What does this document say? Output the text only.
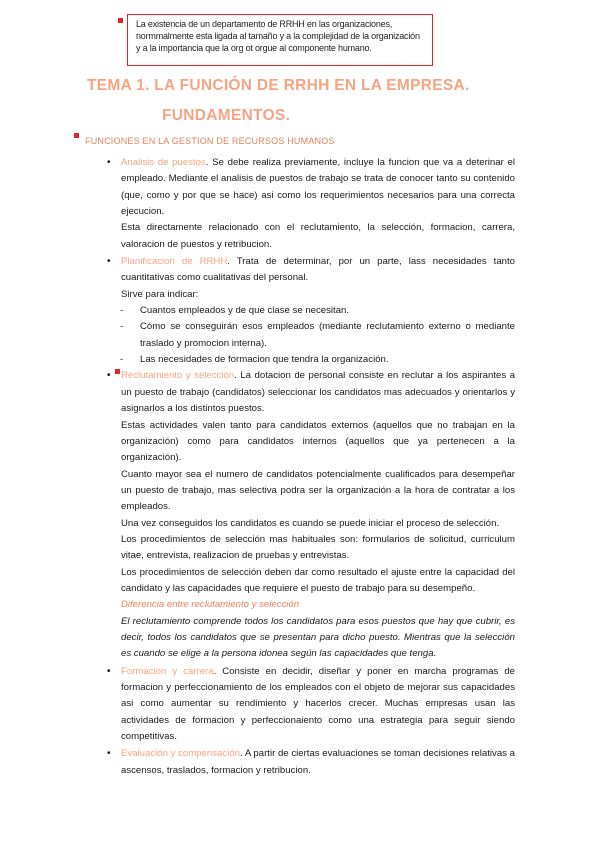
La existencia de un departamento de RRHH en las organizaciones, normmalmente esta ligada al tamaño y a la complejidad de la organización y a la importancia que la org ot orgue al componente humano.
TEMA 1. LA FUNCIÓN DE RRHH EN LA EMPRESA.
FUNDAMENTOS.
FUNCIONES EN LA GESTION DE RECURSOS HUMANOS
• Analisis de puestos. Se debe realiza previamente, incluye la funcion que va a deterinar el empleado. Mediante el analisis de puestos de trabajo se trata de conocer tanto su contenido (que, como y por que se hace) asi como los requerimientos necesarios para una correcta ejecucion.

Esta directamente relacionado con el reclutamiento, la selección, formacion, carrera, valoracion de puestos y retribucion.

• Planificacion de RRHH. Trata de determinar, por un parte, lass necesidades tanto cuantitativas como cualitativas del personal.

Sirve para indicar:

- Cuantos empleados y de que clase se necesitan.
- Cómo se conseguirán esos empleados (mediante reclutamiento externo o mediante traslado y promocion interna).
- Las necesidades de formacion que tendra la organización.
• Reclutamiento y selección. La dotacion de personal consiste en reclutar a los aspirantes a un puesto de trabajo (candidatos) seleccionar los candidatos mas adecuados y orientarlos y asignarlos a los distintos puestos.

Estas actividades valen tanto para candidatos externos (aquellos que no trabajan en la organización) como para candidatos internos (aquellos que ya pertenecen a la organización).

Cuanto mayor sea el numero de candidatos potencialmente cualificados para desempeñar un puesto de trabajo, mas selectiva podra ser la organización a la hora de contratar a los empleados.

Una vez conseguidos los candidatos es cuando se puede iniciar el proceso de selección.

Los procedimientos de selección mas habituales son: formularios de solicitud, curriculum vitae, entrevista, realizacion de pruebas y entrevistas.

Los procedimientos de selección deben dar como resultado el ajuste entre la capacidad del candidato y las capacidades que requiere el puesto de trabajo para su desempeño.

Diferencia entre reclutamiento y selección

El reclutamiento comprende todos los candidatos para esos puestos que hay que cubrir, es decir, todos los candidatos que se presentan para dicho puesto. Mientras que la selección es cuando se elige a la persona idonea según las capacidades que tenga.

• Formacion y carrera. Consiste en decidir, diseñar y poner en marcha programas de formacion y perfeccionamiento de los empleados con el objeto de mejorar sus capacidades asi como aumentar su rendimiento y hacerlos crecer. Muchas empresas usan las actividades de formacion y perfeccionaiento como una estrategia para seguir siendo competitivas.

• Evaluación y compensación. A partir de ciertas evaluaciones se toman decisiones relativas a ascensos, traslados, formacion y retribucion.
